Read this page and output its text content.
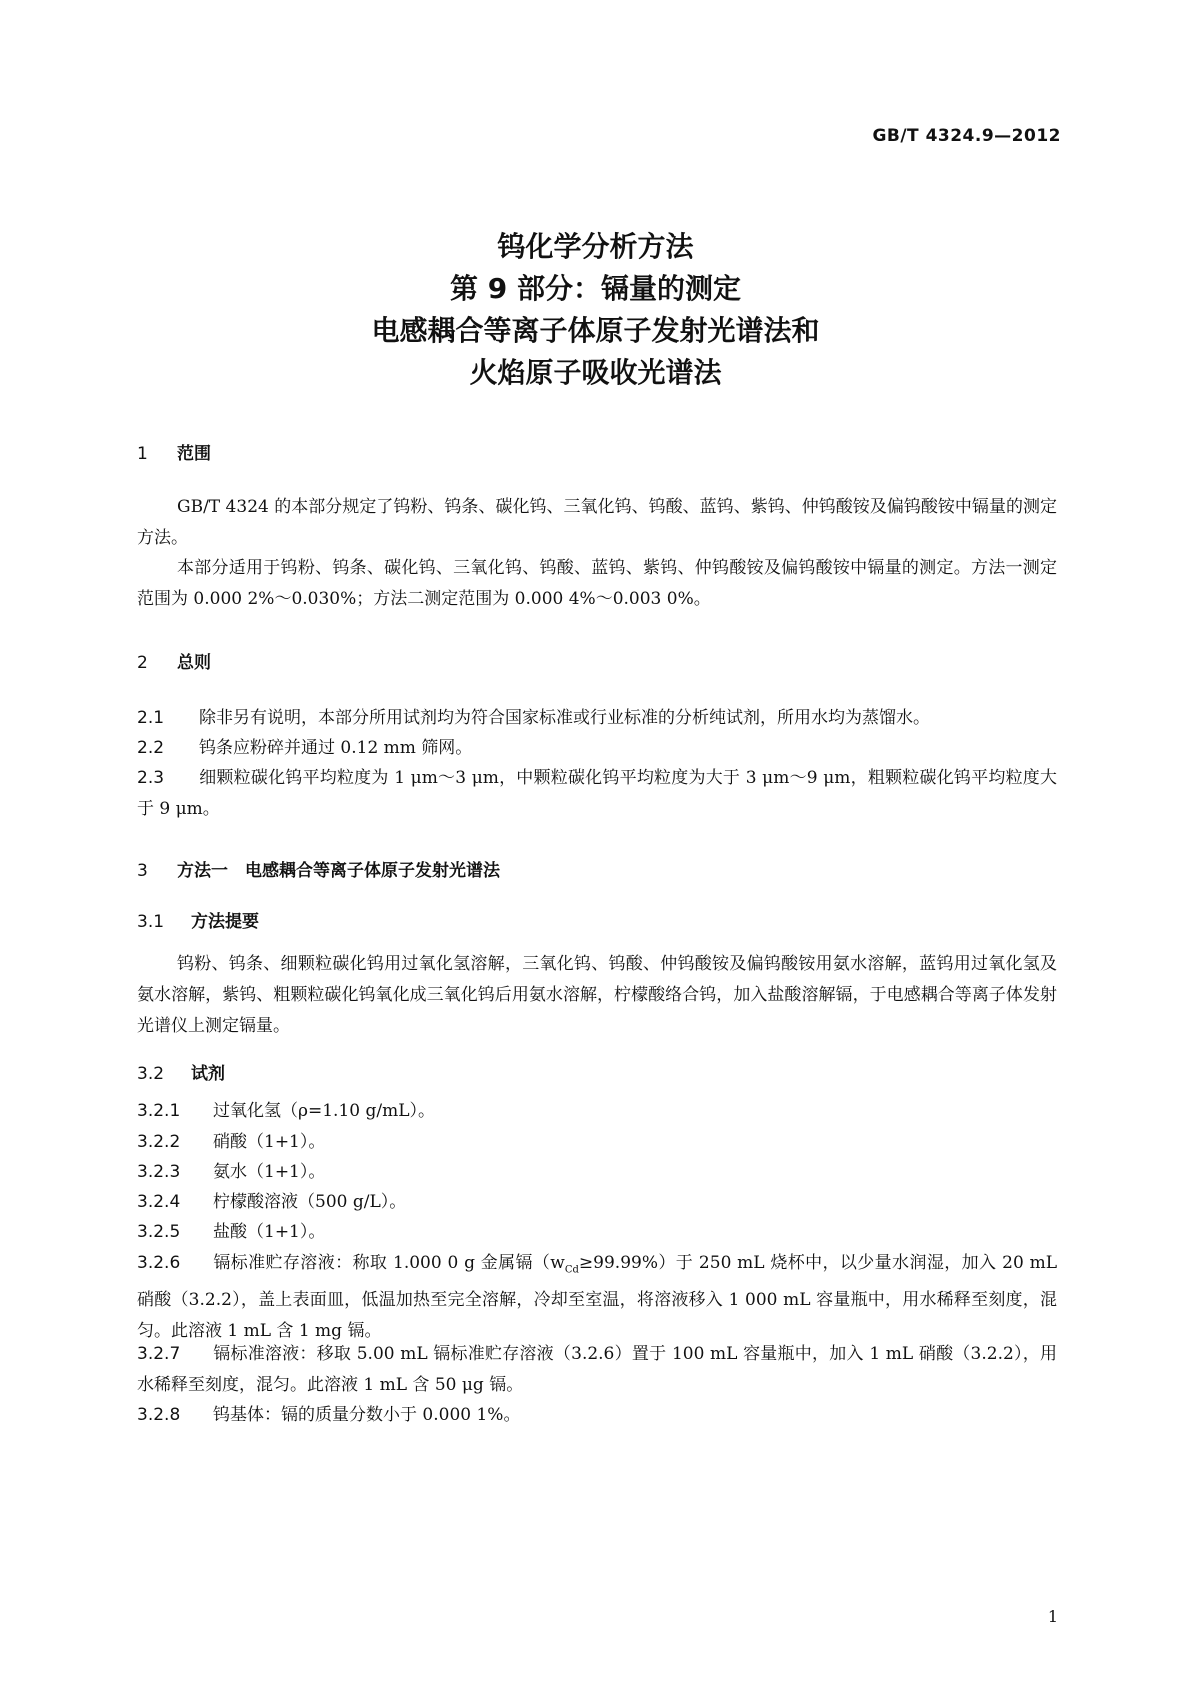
GB/T 4324.9—2012
钨化学分析方法
第 9 部分：镉量的测定
电感耦合等离子体原子发射光谱法和
火焰原子吸收光谱法
1 范围
GB/T 4324 的本部分规定了钨粉、钨条、碳化钨、三氧化钨、钨酸、蓝钨、紫钨、仲钨酸铵及偏钨酸铵中镉量的测定方法。
本部分适用于钨粉、钨条、碳化钨、三氧化钨、钨酸、蓝钨、紫钨、仲钨酸铵及偏钨酸铵中镉量的测定。方法一测定范围为 0.000 2%～0.030%；方法二测定范围为 0.000 4%～0.003 0%。
2 总则
2.1 除非另有说明，本部分所用试剂均为符合国家标准或行业标准的分析纯试剂，所用水均为蒸馏水。
2.2 钨条应粉碎并通过 0.12 mm 筛网。
2.3 细颗粒碳化钨平均粒度为 1 μm～3 μm，中颗粒碳化钨平均粒度为大于 3 μm～9 μm，粗颗粒碳化钨平均粒度大于 9 μm。
3 方法一　电感耦合等离子体原子发射光谱法
3.1 方法提要
钨粉、钨条、细颗粒碳化钨用过氧化氢溶解，三氧化钨、钨酸、仲钨酸铵及偏钨酸铵用氨水溶解，蓝钨用过氧化氢及氨水溶解，紫钨、粗颗粒碳化钨氧化成三氧化钨后用氨水溶解，柠檬酸络合钨，加入盐酸溶解镉，于电感耦合等离子体发射光谱仪上测定镉量。
3.2 试剂
3.2.1 过氧化氢（ρ=1.10 g/mL）。
3.2.2 硝酸（1+1）。
3.2.3 氨水（1+1）。
3.2.4 柠檬酸溶液（500 g/L）。
3.2.5 盐酸（1+1）。
3.2.6 镉标准贮存溶液：称取 1.000 0 g 金属镉$(w_{Cd}\ge 99.99\%)$于 250 mL 烧杯中，以少量水润湿，加入 20 mL 硝酸（3.2.2），盖上表面皿，低温加热至完全溶解，冷却至室温，将溶液移入 1 000 mL 容量瓶中，用水稀释至刻度，混匀。此溶液 1 mL 含 1 mg 镉。
3.2.7 镉标准溶液：移取 5.00 mL 镉标准贮存溶液（3.2.6）置于 100 mL 容量瓶中，加入 1 mL 硝酸（3.2.2），用水稀释至刻度，混匀。此溶液 1 mL 含 50 μg 镉。
3.2.8 钨基体：镉的质量分数小于 0.000 1%。
1
